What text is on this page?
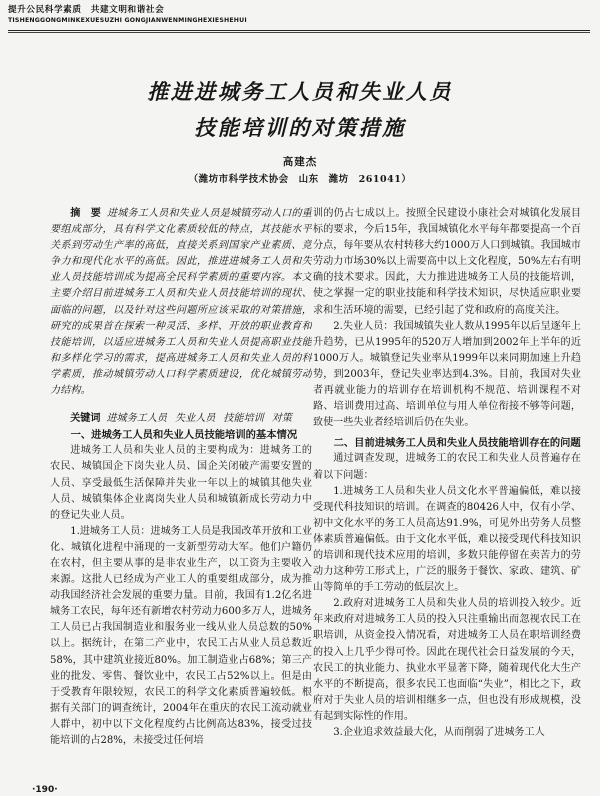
提升公民科学素质　共建文明和谐社会
TISHENGGONGMINKEXUESUZHI GONGJIANWENMINGHEXIESHEHUI
推进进城务工人员和失业人员
技能培训的对策措施
高建杰
（潍坊市科学技术协会　山东　潍坊　261041）

摘　要 进城务工人员和失业人员是城镇劳动人口的重要组成部分，具有科学文化素质较低的特点，其技能水平关系到劳动生产率的高低，直接关系到国家产业素质、竞争力和现代化水平的高低。因此，推进进城务工人员和失业人员技能培训成为提高全民科学素质的重要内容。本文主要介绍目前进城务工人员和失业人员技能培训的现状、面临的问题，以及针对这些问题所应该采取的对策措施，研究的成果首在探索一种灵活、多样、开放的职业教育和技能培训，以适应进城务工人员和失业人员提高职业技能和多样化学习的需求，提高进城务工人员和失业人员的科学素质，推动城镇劳动人口科学素质建设，优化城镇劳动力结构。

关键词 进城务工人员 失业人员 技能培训 对策

一、进城务工人员和失业人员技能培训的基本情况

进城务工人员和失业人员的主要构成为：进城务工的农民、城镇国企下岗失业人员、国企关闭破产需要安置的人员、享受最低生活保障并失业一年以上的城镇其他失业人员、城镇集体企业离岗失业人员和城镇新成长劳动力中的登记失业人员。

1.进城务工人员：进城务工人员是我国改革开放和工业化、城镇化进程中涌现的一支新型劳动大军。他们户籍仍在农村，但主要从事的是非农业生产，以工资为主要收入来源。这批人已经成为产业工人的重要组成部分，成为推动我国经济社会发展的重要力量。目前，我国有1.2亿名进城务工农民，每年还有新增农村劳动力600多万人，进城务工人员已占我国制造业和服务业一线从业人员总数的50%以上。据统计，在第二产业中，农民工占从业人员总数近58%，其中建筑业接近80%。加工制造业占68%；第三产业的批发、零售、餐饮业中，农民工占52%以上。但是由于受教育年限较短，农民工的科学文化素质普遍较低。根据有关部门的调查统计，2004年在重庆的农民工流动就业人群中，初中以下文化程度约占比例高达83%，接受过技能培训的占28%，未接受过任何培

训的仍占七成以上。按照全民建设小康社会对城镇化发展目标的要求，今后15年，我国城镇化水平每年都要提高一个百分点，每年要从农村转移大约1000万人口到城镇。我国城市劳动力市场30%以上需要高中以上文化程度，50%左右有明确的技术要求。因此，大力推进进城务工人员的技能培训，使之掌握一定的职业技能和科学技术知识，尽快适应职业要求和生活环境的需要，已经引起了党和政府的高度关注。

2.失业人员：我国城镇失业人数从1995年以后呈逐年上升趋势，已从1995年的520万人增加到2002年上半年的近1000万人。城镇登记失业率从1999年以来同期加速上升趋势，到2003年，登记失业率达到4.3%。目前，我国对失业者再就业能力的培训存在培训机构不规范、培训课程不对路、培训费用过高、培训单位与用人单位衔接不够等问题，致使一些失业者经培训后仍在失业。

二、目前进城务工人员和失业人员技能培训存在的问题

通过调查发现，进城务工的农民工和失业人员普遍存在着以下问题：

1.进城务工人员和失业人员文化水平普遍偏低，难以接受现代科技知识的培训。在调查的80426人中，仅有小学、初中文化水平的务工人员高达91.9%，可见外出劳务人员整体素质普遍偏低。由于文化水平低，难以接受现代科技知识的培训和现代技术应用的培训，多数只能停留在卖苦力的劳动力这种劳工形式上，广泛的服务于餐饮、家政、建筑、矿山等简单的手工劳动的低层次上。

2.政府对进城务工人员和失业人员的培训投入较少。近年来政府对进城务工人员的投入只注重输出而忽视农民工在职培训，从资金投入情况看，对进城务工人员在职培训经费的投入上几乎少得可怜。因此在现代社会日益发展的今天，农民工的执业能力、执业水平显著下降，随着现代化大生产水平的不断提高，很多农民工也面临“失业”，相比之下，政府对于失业人员的培训相继多一点，但也没有形成规模，没有起到实际性的作用。

3.企业追求效益最大化，从而削弱了进城务工人

·190·
